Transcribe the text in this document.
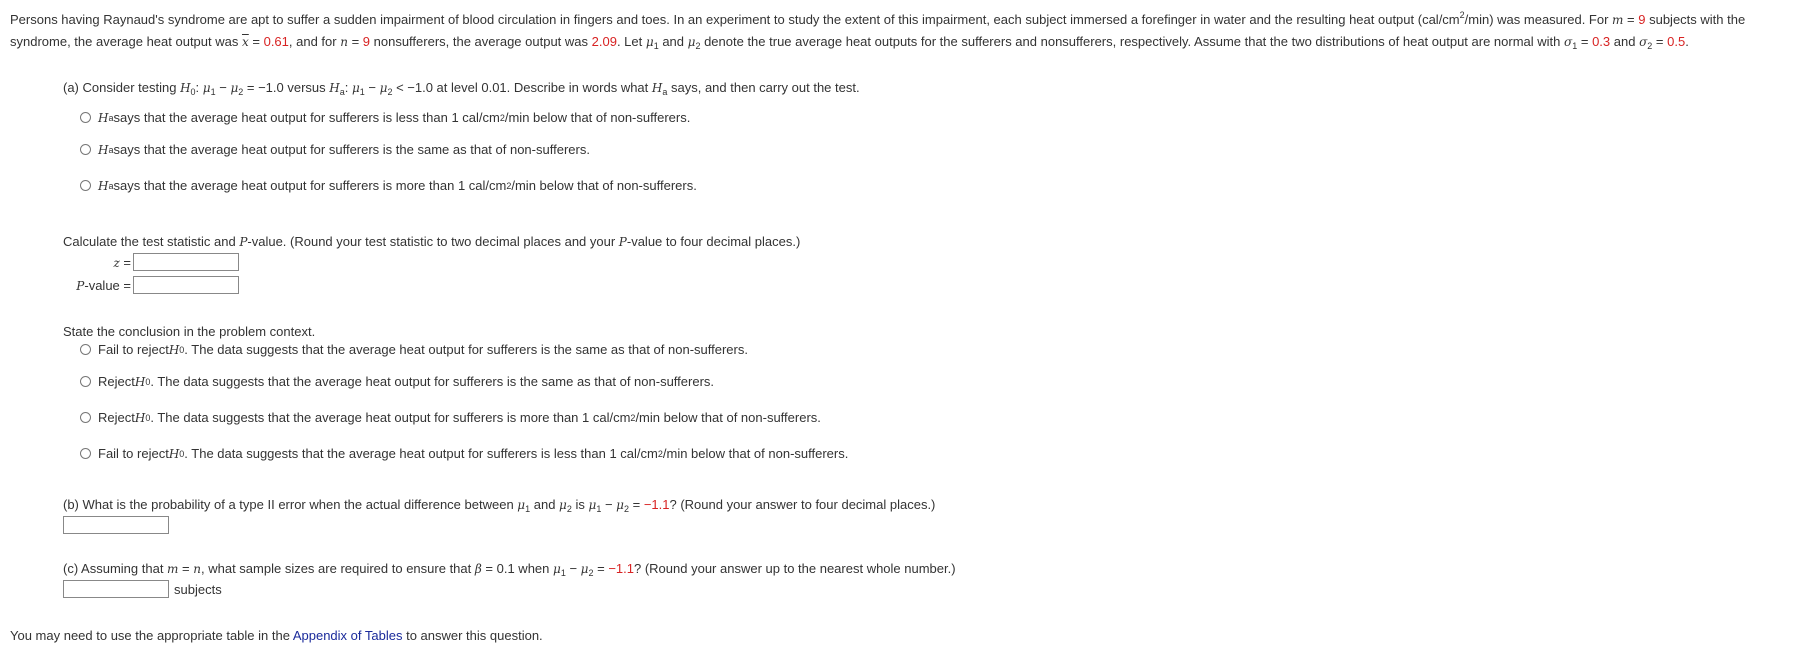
Persons having Raynaud's syndrome are apt to suffer a sudden impairment of blood circulation in fingers and toes. In an experiment to study the extent of this impairment, each subject immersed a forefinger in water and the resulting heat output $(cal/cm^2/\min)$ was measured. For m = 9 subjects with the syndrome, the average heat output was $\overline{x} = 0.61$, and for n = 9 nonsufferers, the average output was 2.09. Let $\mu_1$ and $\mu_2$ denote the true average heat outputs for the sufferers and nonsufferers, respectively. Assume that the two distributions of heat output are normal with $\sigma_1 = 0.3$ and $\sigma_2 = 0.5$.

(a) Consider testing $H_0$: $\mu_1 - \mu_2 = -1.0$ versus $H_a$: $\mu_1 - \mu_2 < -1.0$ at level 0.01. Describe in words what $H_a$ says, and then carry out the test.
H a says that the average heat output for sufferers is less than 1 cal/cm 2 /min below that of non-sufferers.
H a says that the average heat output for sufferers is the same as that of non-sufferers.
H a says that the average heat output for sufferers is more than 1 cal/cm 2 /min below that of non-sufferers.
Calculate the test statistic and P-value. (Round your test statistic to two decimal places and your P-value to four decimal places.)
z =
P-value =
State the conclusion in the problem context.
Fail to reject H 0 . The data suggests that the average heat output for sufferers is the same as that of non-sufferers.
Reject H 0 . The data suggests that the average heat output for sufferers is the same as that of non-sufferers.
Reject H 0 . The data suggests that the average heat output for sufferers is more than 1 cal/cm 2 /min below that of non-sufferers.
Fail to reject H 0 . The data suggests that the average heat output for sufferers is less than 1 cal/cm 2 /min below that of non-sufferers.
(b) What is the probability of a type II error when the actual difference between $\mu_1$ and $\mu_2$ is $\mu_1 - \mu_2 = -1.1$? (Round your answer to four decimal places.)
(c) Assuming that m = n, what sample sizes are required to ensure that β = 0.1 when $\mu_1 - \mu_2 = -1.1$? (Round your answer up to the nearest whole number.)
subjects
You may need to use the appropriate table in the Appendix of Tables to answer this question.
